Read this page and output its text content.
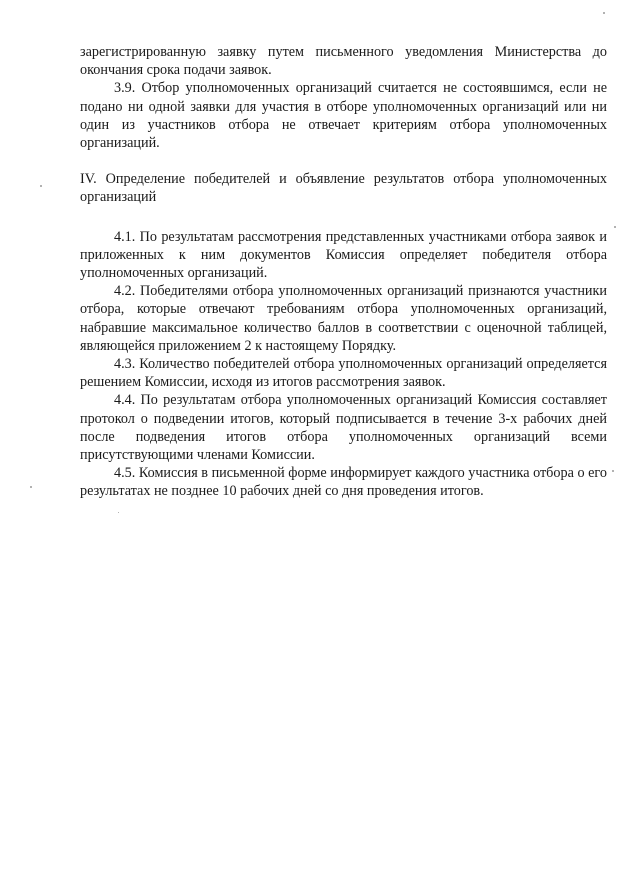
зарегистрированную заявку путем письменного уведомления Министерства до окончания срока подачи заявок.

3.9. Отбор уполномоченных организаций считается не состоявшимся, если не подано ни одной заявки для участия в отборе уполномоченных организаций или ни один из участников отбора не отвечает критериям отбора уполномоченных организаций.

IV. Определение победителей и объявление результатов отбора уполномоченных организаций

4.1. По результатам рассмотрения представленных участниками отбора заявок и приложенных к ним документов Комиссия определяет победителя отбора уполномоченных организаций.

4.2. Победителями отбора уполномоченных организаций признаются участники отбора, которые отвечают требованиям отбора уполномоченных организаций, набравшие максимальное количество баллов в соответствии с оценочной таблицей, являющейся приложением 2 к настоящему Порядку.

4.3. Количество победителей отбора уполномоченных организаций определяется решением Комиссии, исходя из итогов рассмотрения заявок.

4.4. По результатам отбора уполномоченных организаций Комиссия составляет протокол о подведении итогов, который подписывается в течение 3-х рабочих дней после подведения итогов отбора уполномоченных организаций всеми присутствующими членами Комиссии.

4.5. Комиссия в письменной форме информирует каждого участника отбора о его результатах не позднее 10 рабочих дней со дня проведения итогов.
